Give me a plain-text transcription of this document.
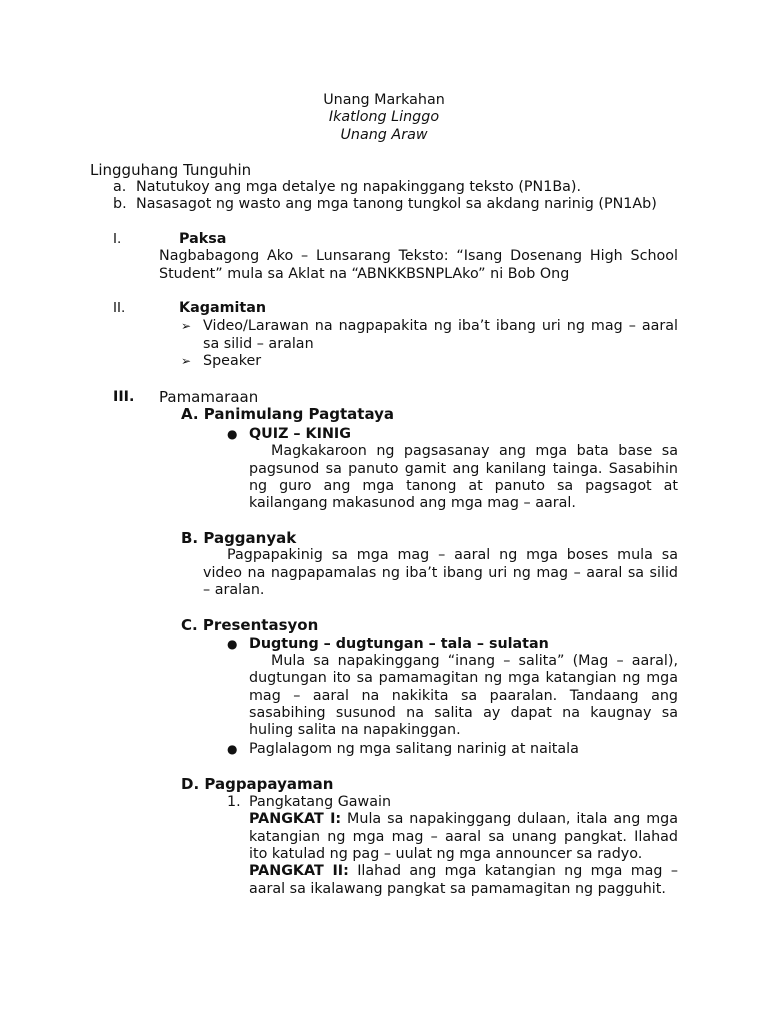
Unang Markahan
Ikatlong Linggo
Unang Araw
Lingguhang Tunguhin
a. Natutukoy ang mga detalye ng napakinggang teksto (PN1Ba).
b. Nasasagot ng wasto ang mga tanong tungkol sa akdang narinig (PN1Ab)
I.	Paksa
Nagbabagong Ako – Lunsarang Teksto: “Isang Dosenang High School
Student” mula sa Aklat na “ABNKKBSNPLAko” ni Bob Ong
II.	Kagamitan
➢ Video/Larawan na nagpapakita ng iba’t ibang uri ng mag – aaral
sa silid – aralan
➢ Speaker
III. Pamamaraan
A. Panimulang Pagtataya
● QUIZ – KINIG
Magkakaroon ng pagsasanay ang mga bata base sa
pagsunod sa panuto gamit ang kanilang tainga. Sasabihin
ng guro ang mga tanong at panuto sa pagsagot at
kailangang makasunod ang mga mag – aaral.
B. Pagganyak
Pagpapakinig sa mga mag – aaral ng mga boses mula sa
video na nagpapamalas ng iba’t ibang uri ng mag – aaral sa silid
– aralan.
C. Presentasyon
● Dugtung – dugtungan – tala – sulatan
Mula sa napakinggang “inang – salita” (Mag – aaral),
dugtungan ito sa pamamagitan ng mga katangian ng mga
mag – aaral na nakikita sa paaralan. Tandaang ang
sasabihing susunod na salita ay dapat na kaugnay sa
huling salita na napakinggan.
● Paglalagom ng mga salitang narinig at naitala
D. Pagpapayaman
1. Pangkatang Gawain
PANGKAT I: Mula sa napakinggang dulaan, itala ang mga
katangian ng mga mag – aaral sa unang pangkat. Ilahad
ito katulad ng pag – uulat ng mga announcer sa radyo.
PANGKAT II: Ilahad ang mga katangian ng mga mag –
aaral sa ikalawang pangkat sa pamamagitan ng pagguhit.
